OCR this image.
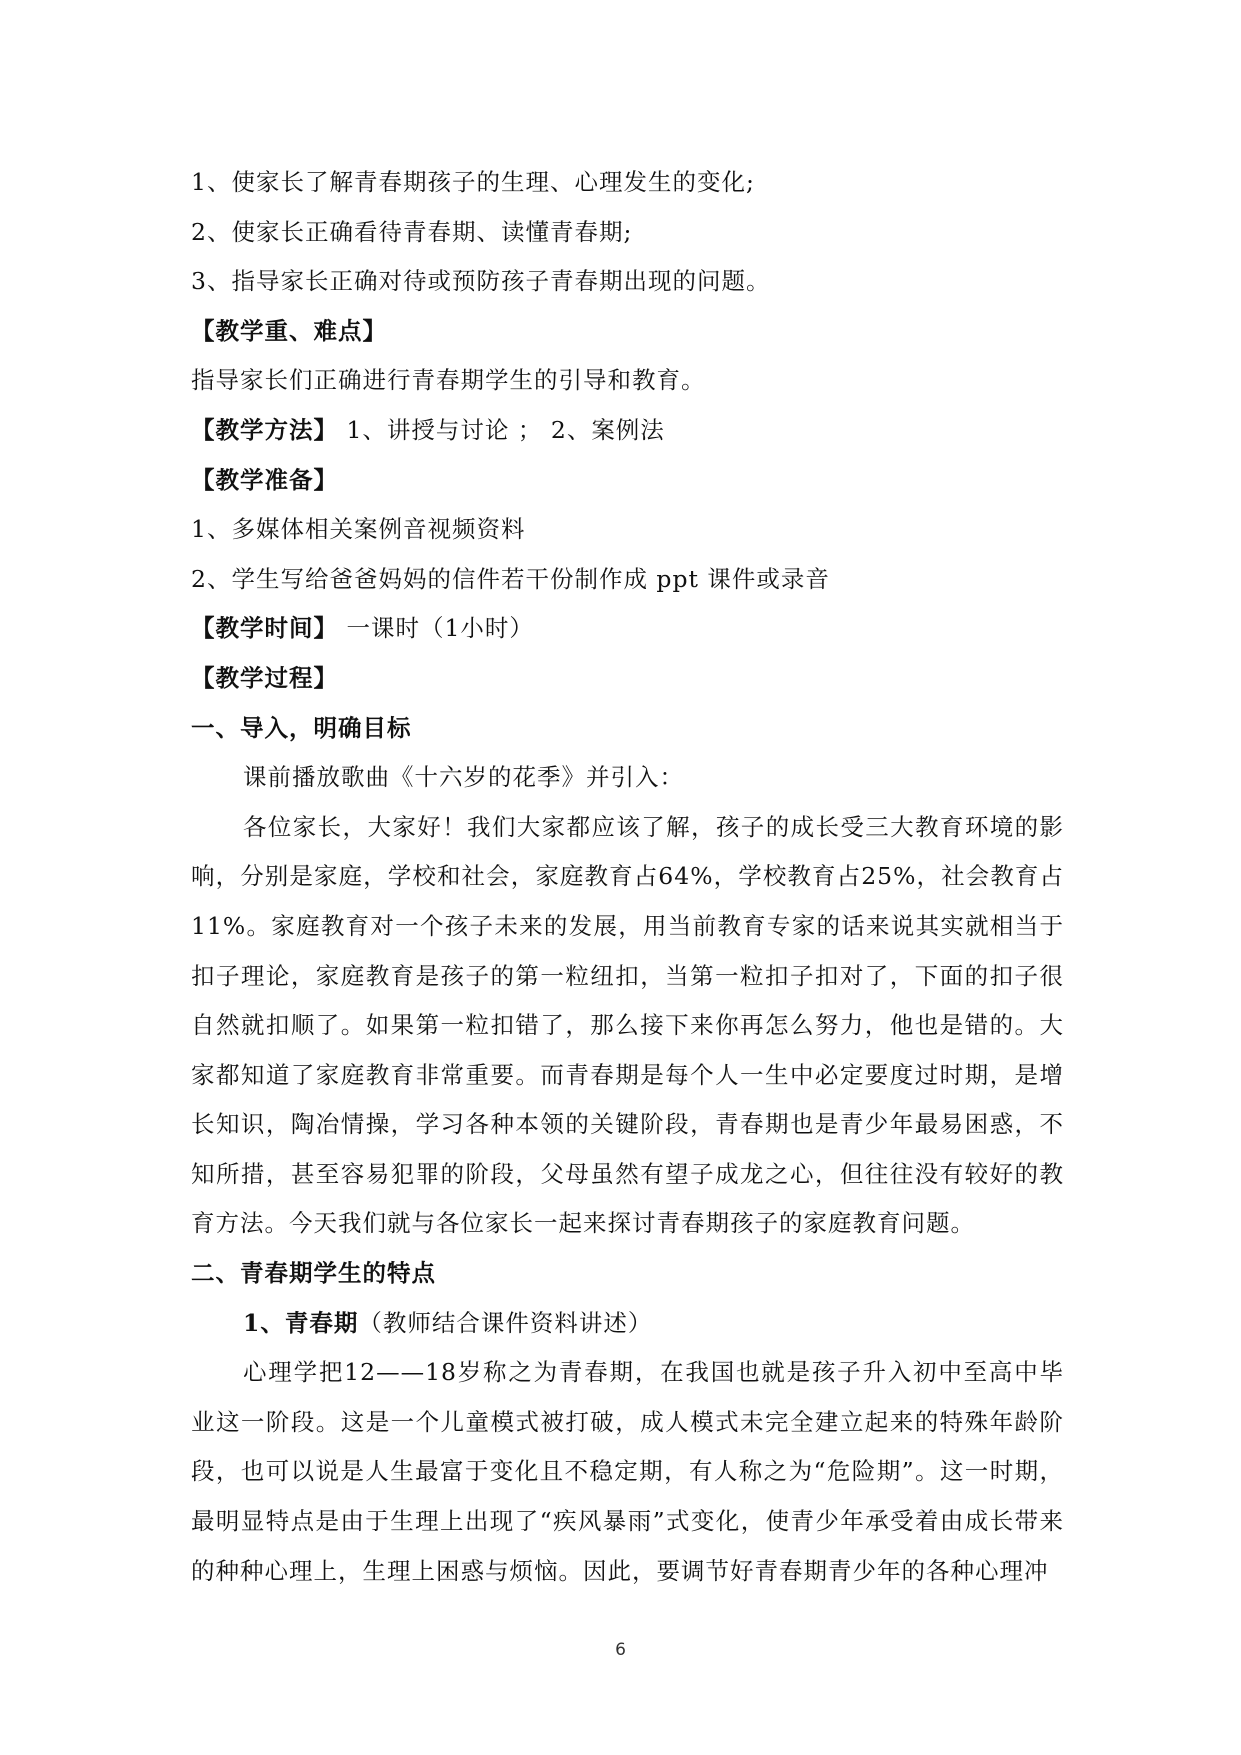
1、使家长了解青春期孩子的生理、心理发生的变化;
2、使家长正确看待青春期、读懂青春期;
3、指导家长正确对待或预防孩子青春期出现的问题。
【教学重、难点】
指导家长们正确进行青春期学生的引导和教育。
【教学方法】 1、讲授与讨论 ； 2、案例法
【教学准备】
1、多媒体相关案例音视频资料
2、学生写给爸爸妈妈的信件若干份制作成 ppt 课件或录音
【教学时间】 一课时（1小时）
【教学过程】
一、导入，明确目标
课前播放歌曲《十六岁的花季》并引入：
各位家长，大家好！我们大家都应该了解，孩子的成长受三大教育环境的影响，分别是家庭，学校和社会，家庭教育占64%，学校教育占25%，社会教育占11%。家庭教育对一个孩子未来的发展，用当前教育专家的话来说其实就相当于扣子理论，家庭教育是孩子的第一粒纽扣，当第一粒扣子扣对了，下面的扣子很自然就扣顺了。如果第一粒扣错了，那么接下来你再怎么努力，他也是错的。大家都知道了家庭教育非常重要。而青春期是每个人一生中必定要度过时期，是增长知识，陶冶情操，学习各种本领的关键阶段，青春期也是青少年最易困惑，不知所措，甚至容易犯罪的阶段，父母虽然有望子成龙之心，但往往没有较好的教育方法。今天我们就与各位家长一起来探讨青春期孩子的家庭教育问题。
二、青春期学生的特点
1、青春期（教师结合课件资料讲述）
心理学把12——18岁称之为青春期，在我国也就是孩子升入初中至高中毕业这一阶段。这是一个儿童模式被打破，成人模式未完全建立起来的特殊年龄阶段，也可以说是人生最富于变化且不稳定期，有人称之为“危险期”。这一时期，最明显特点是由于生理上出现了“疾风暴雨”式变化，使青少年承受着由成长带来的种种心理上，生理上困惑与烦恼。因此，要调节好青春期青少年的各种心理冲
6
